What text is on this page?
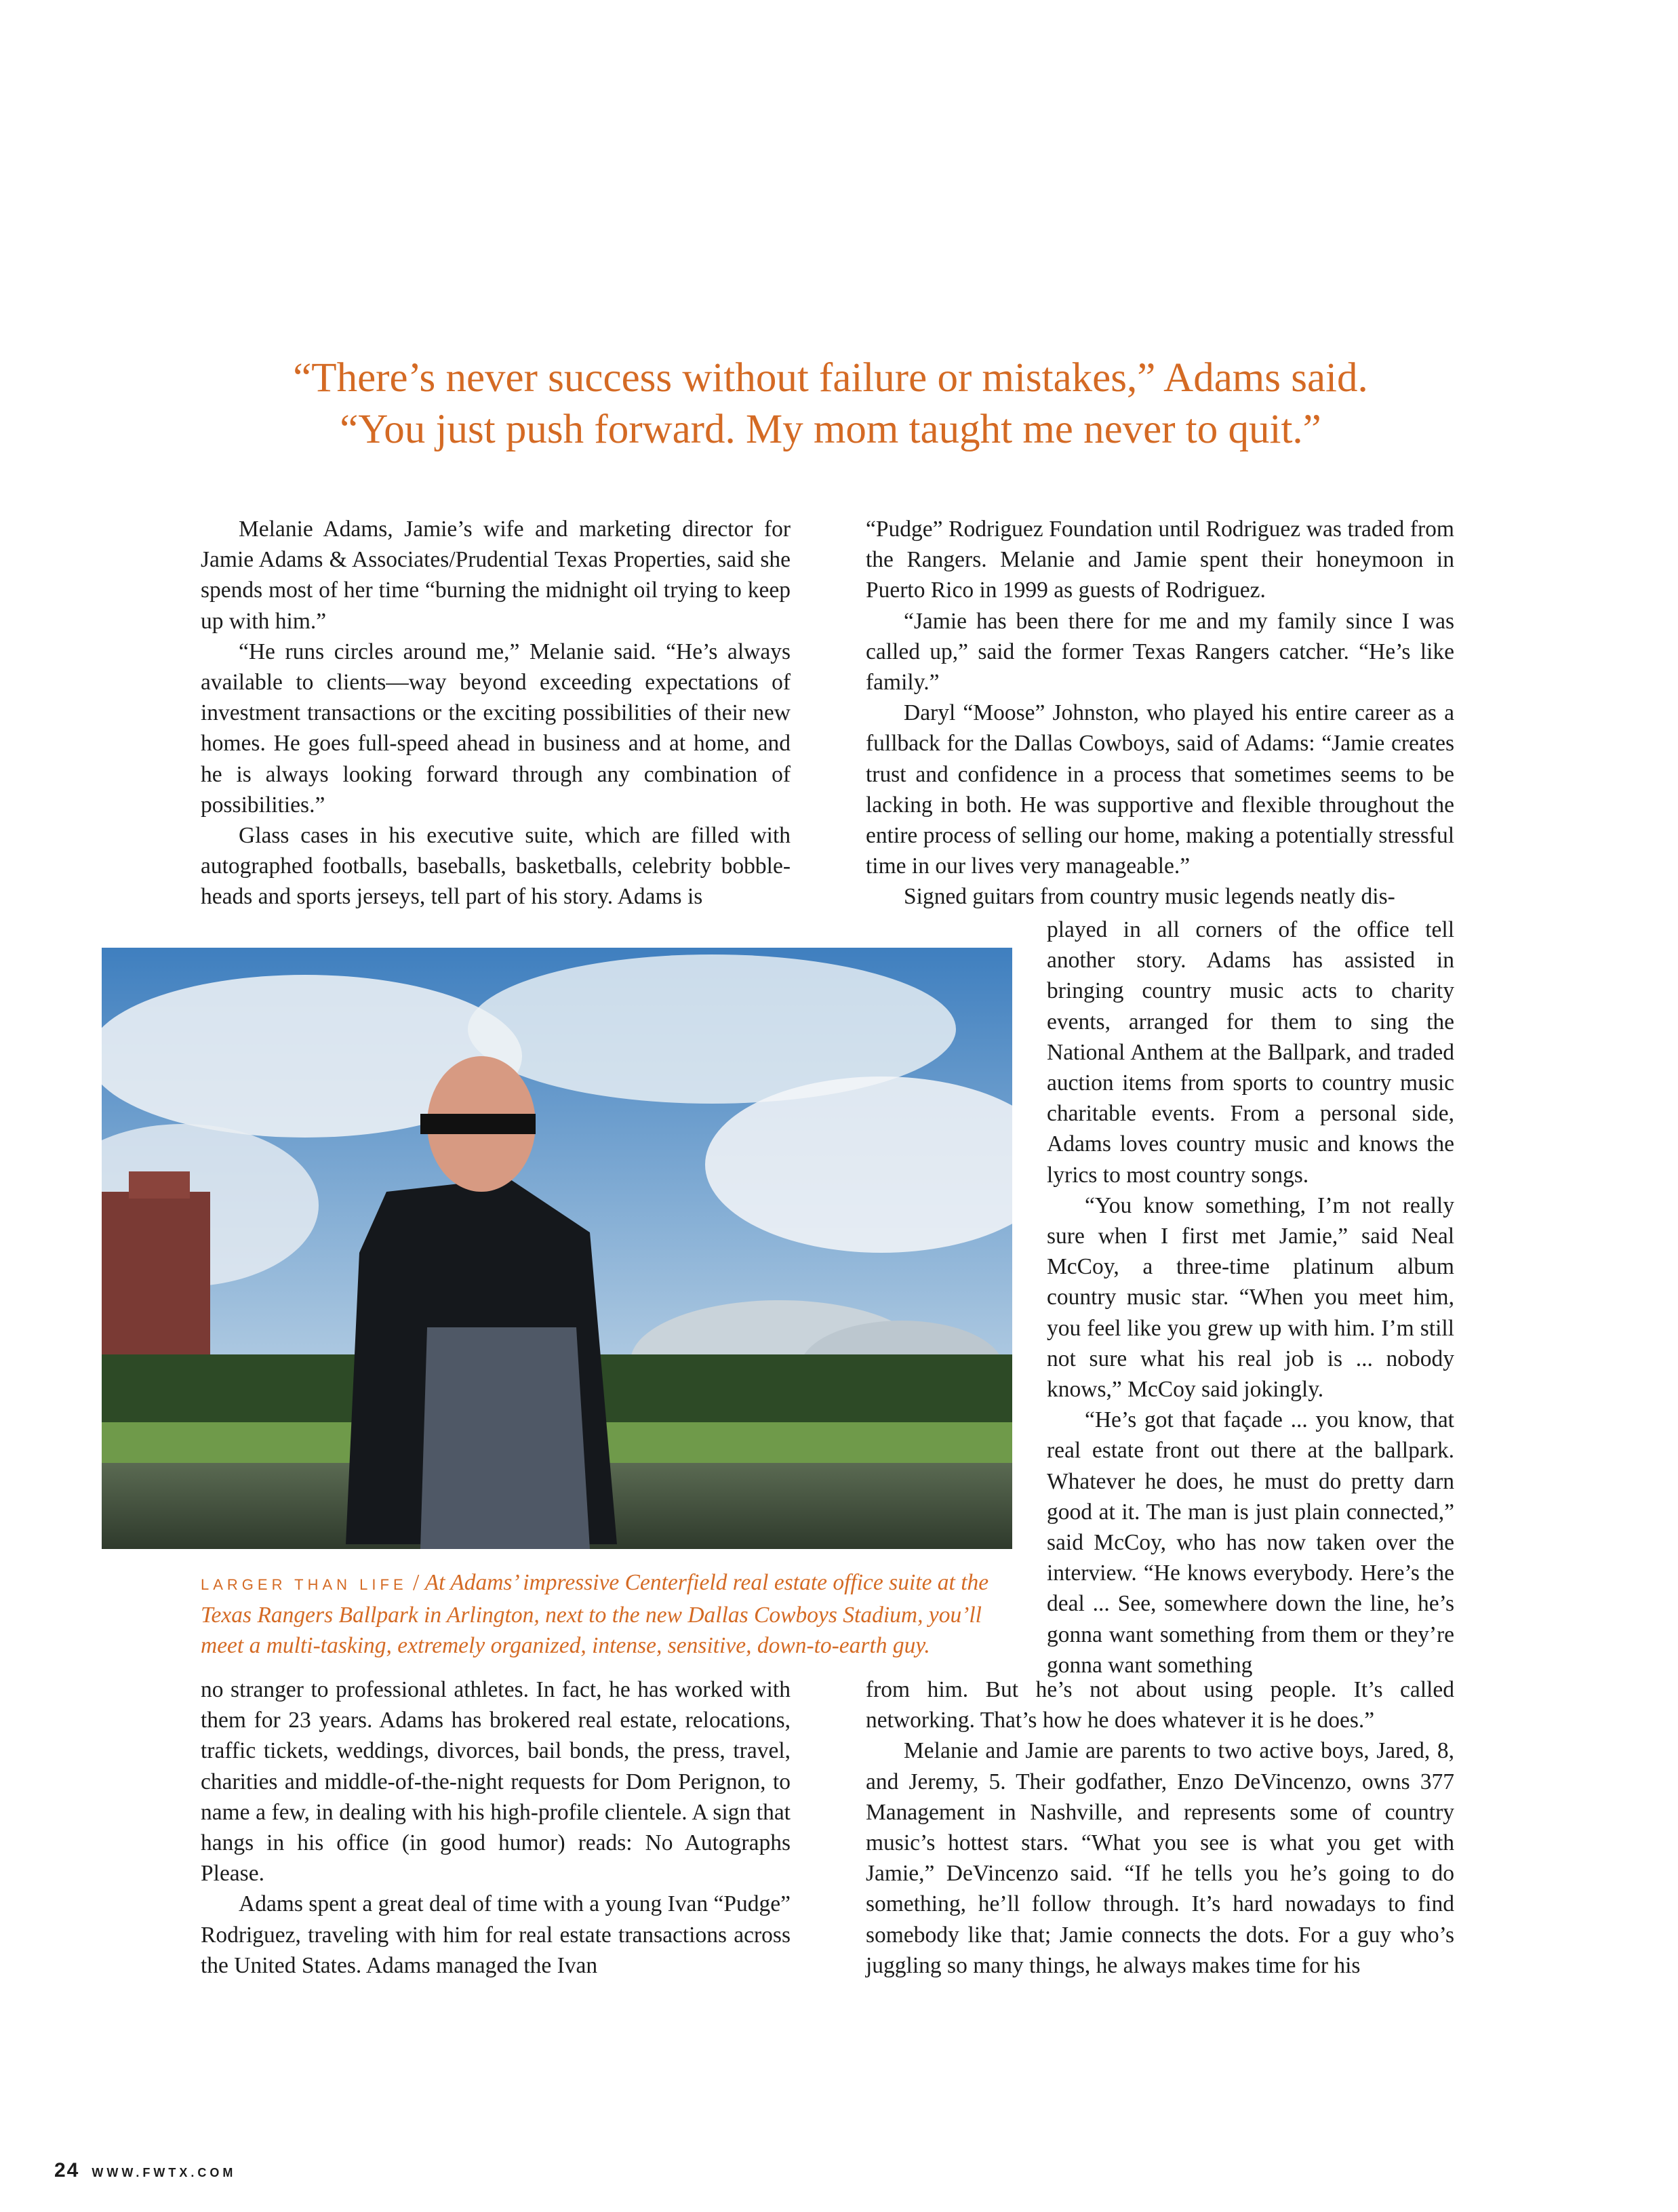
“There’s never success without failure or mistakes,” Adams said.

“You just push forward. My mom taught me never to quit.”

Melanie Adams, Jamie’s wife and marketing director for Jamie Adams & Associates/Prudential Texas Properties, said she spends most of her time “burning the midnight oil trying to keep up with him.”

“He runs circles around me,” Melanie said. “He’s always available to clients—way beyond exceeding expectations of investment transactions or the exciting possibilities of their new homes. He goes full-speed ahead in business and at home, and he is always looking forward through any combination of possibilities.”

Glass cases in his executive suite, which are filled with autographed footballs, baseballs, basketballs, celebrity bobble-heads and sports jerseys, tell part of his story. Adams is

“Pudge” Rodriguez Foundation until Rodriguez was traded from the Rangers. Melanie and Jamie spent their honeymoon in Puerto Rico in 1999 as guests of Rodriguez.

“Jamie has been there for me and my family since I was called up,” said the former Texas Rangers catcher. “He’s like family.”

Daryl “Moose” Johnston, who played his entire career as a fullback for the Dallas Cowboys, said of Adams: “Jamie creates trust and confidence in a process that sometimes seems to be lacking in both. He was supportive and flexible throughout the entire process of selling our home, making a potentially stressful time in our lives very manageable.”

Signed guitars from country music legends neatly dis-

played in all corners of the office tell another story. Adams has assisted in bringing country music acts to charity events, arranged for them to sing the National Anthem at the Ballpark, and traded auction items from sports to country music charitable events. From a personal side, Adams loves country music and knows the lyrics to most country songs.

“You know something, I’m not really sure when I first met Jamie,” said Neal McCoy, a three-time platinum album country music star. “When you meet him, you feel like you grew up with him. I’m still not sure what his real job is ... nobody knows,” McCoy said jokingly.

“He’s got that façade ... you know, that real estate front out there at the ballpark. Whatever he does, he must do pretty darn good at it. The man is just plain connected,” said McCoy, who has now taken over the interview. “He knows everybody. Here’s the deal ... See, somewhere down the line, he’s gonna want something from them or they’re gonna want something

LARGER THAN LIFE / At Adams’ impressive Centerfield real estate office suite at the Texas Rangers Ballpark in Arlington, next to the new Dallas Cowboys Stadium, you’ll meet a multi-tasking, extremely organized, intense, sensitive, down-to-earth guy.

no stranger to professional athletes. In fact, he has worked with them for 23 years. Adams has brokered real estate, relocations, traffic tickets, weddings, divorces, bail bonds, the press, travel, charities and middle-of-the-night requests for Dom Perignon, to name a few, in dealing with his high-profile clientele. A sign that hangs in his office (in good humor) reads: No Autographs Please.

Adams spent a great deal of time with a young Ivan “Pudge” Rodriguez, traveling with him for real estate transactions across the United States. Adams managed the Ivan

from him. But he’s not about using people. It’s called networking. That’s how he does whatever it is he does.”

Melanie and Jamie are parents to two active boys, Jared, 8, and Jeremy, 5. Their godfather, Enzo DeVincenzo, owns 377 Management in Nashville, and represents some of country music’s hottest stars. “What you see is what you get with Jamie,” DeVincenzo said. “If he tells you he’s going to do something, he’ll follow through. It’s hard nowadays to find somebody like that; Jamie connects the dots. For a guy who’s juggling so many things, he always makes time for his

24 WWW.FWTX.COM
